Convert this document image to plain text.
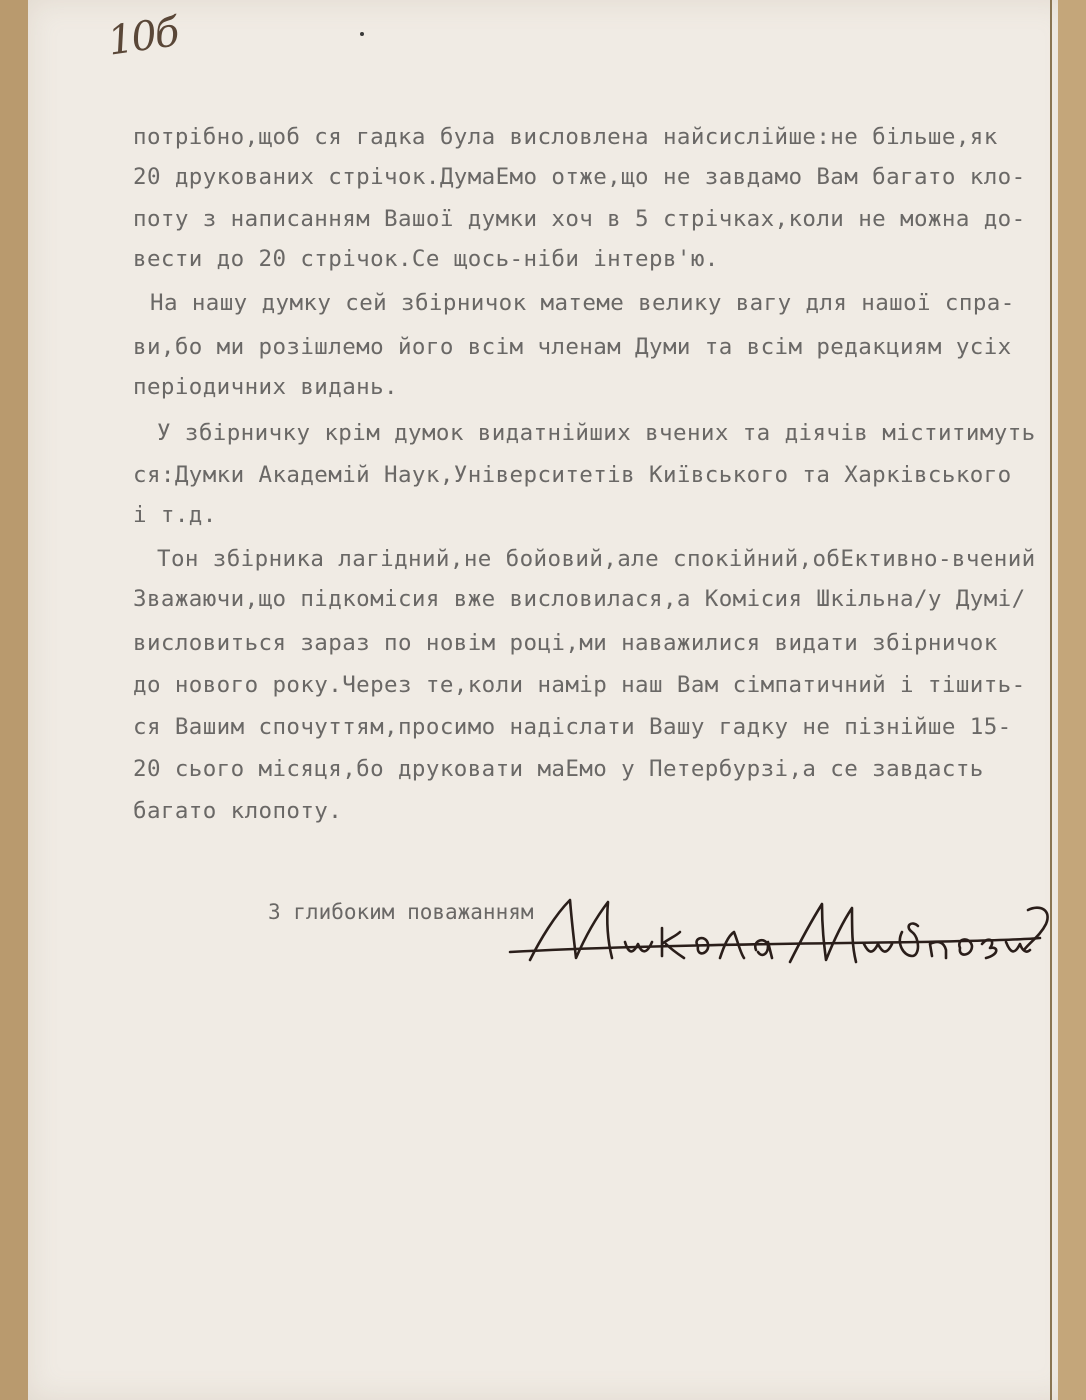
10б

потрібно,щоб ся гадка була висловлена найсислійше:не більше,як

20 друкованих стрічок.ДумаЕмо отже,що не завдамо Вам багато кло-

поту з написанням Вашої думки хоч в 5 стрічках,коли не можна до-

вести до 20 стрічок.Се щось-ніби інтерв'ю.

На нашу думку сей збірничок матеме велику вагу для нашої спра-

ви,бо ми розішлемо його всім членам Думи та всім редакциям усіх

періодичних видань.

У збірничку крім думок видатнійших вчених та діячів міститимуть

ся:Думки Академій Наук,Університетів Київського та Харківського

і т.д.

Тон збірника лагідний,не бойовий,але спокійний,обЕктивно-вчений

Зважаючи,що підкомісия вже висловилася,а Комісия Шкільна/у Думі/

висловиться зараз по новім році,ми наважилися видати збірничок

до нового року.Через те,коли намір наш Вам сімпатичний і тішить-

ся Вашим спочуттям,просимо надіслати Вашу гадку не пізнійше 15-

20 сього місяця,бо друковати маЕмо у Петербурзі,а се завдасть

багато клопоту.

З глибоким поважанням
